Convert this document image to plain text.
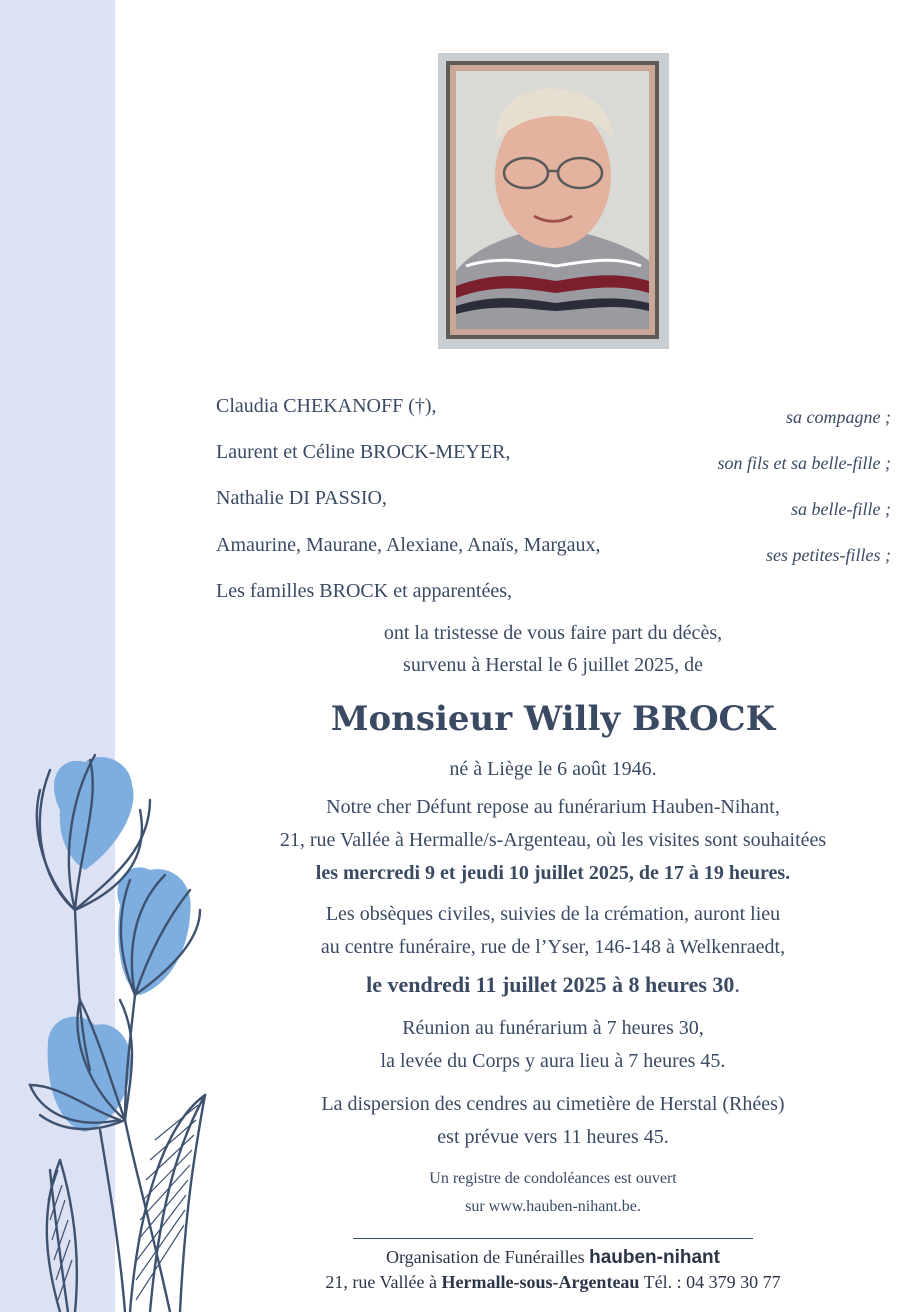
Claudia CHEKANOFF (†),	sa compagne ;
Laurent et Céline BROCK-MEYER,	son fils et sa belle-fille ;
Nathalie DI PASSIO,	sa belle-fille ;
Amaurine, Maurane, Alexiane, Anaïs, Margaux,	ses petites-filles ;
Les familles BROCK et apparentées,
ont la tristesse de vous faire part du décès,
survenu à Herstal le 6 juillet 2025, de
Monsieur Willy BROCK
né à Liège le 6 août 1946.
Notre cher Défunt repose au funérarium Hauben-Nihant,
21, rue Vallée à Hermalle/s-Argenteau, où les visites sont souhaitées
les mercredi 9 et jeudi 10 juillet 2025, de 17 à 19 heures.
Les obsèques civiles, suivies de la crémation, auront lieu
au centre funéraire, rue de l’Yser, 146-148 à Welkenraedt,
le vendredi 11 juillet 2025 à 8 heures 30.
Réunion au funérarium à 7 heures 30,
la levée du Corps y aura lieu à 7 heures 45.
La dispersion des cendres au cimetière de Herstal (Rhées)
est prévue vers 11 heures 45.
Un registre de condoléances est ouvert
sur www.hauben-nihant.be.
Organisation de Funérailles hauben-nihant
21, rue Vallée à Hermalle-sous-Argenteau Tél. : 04 379 30 77
